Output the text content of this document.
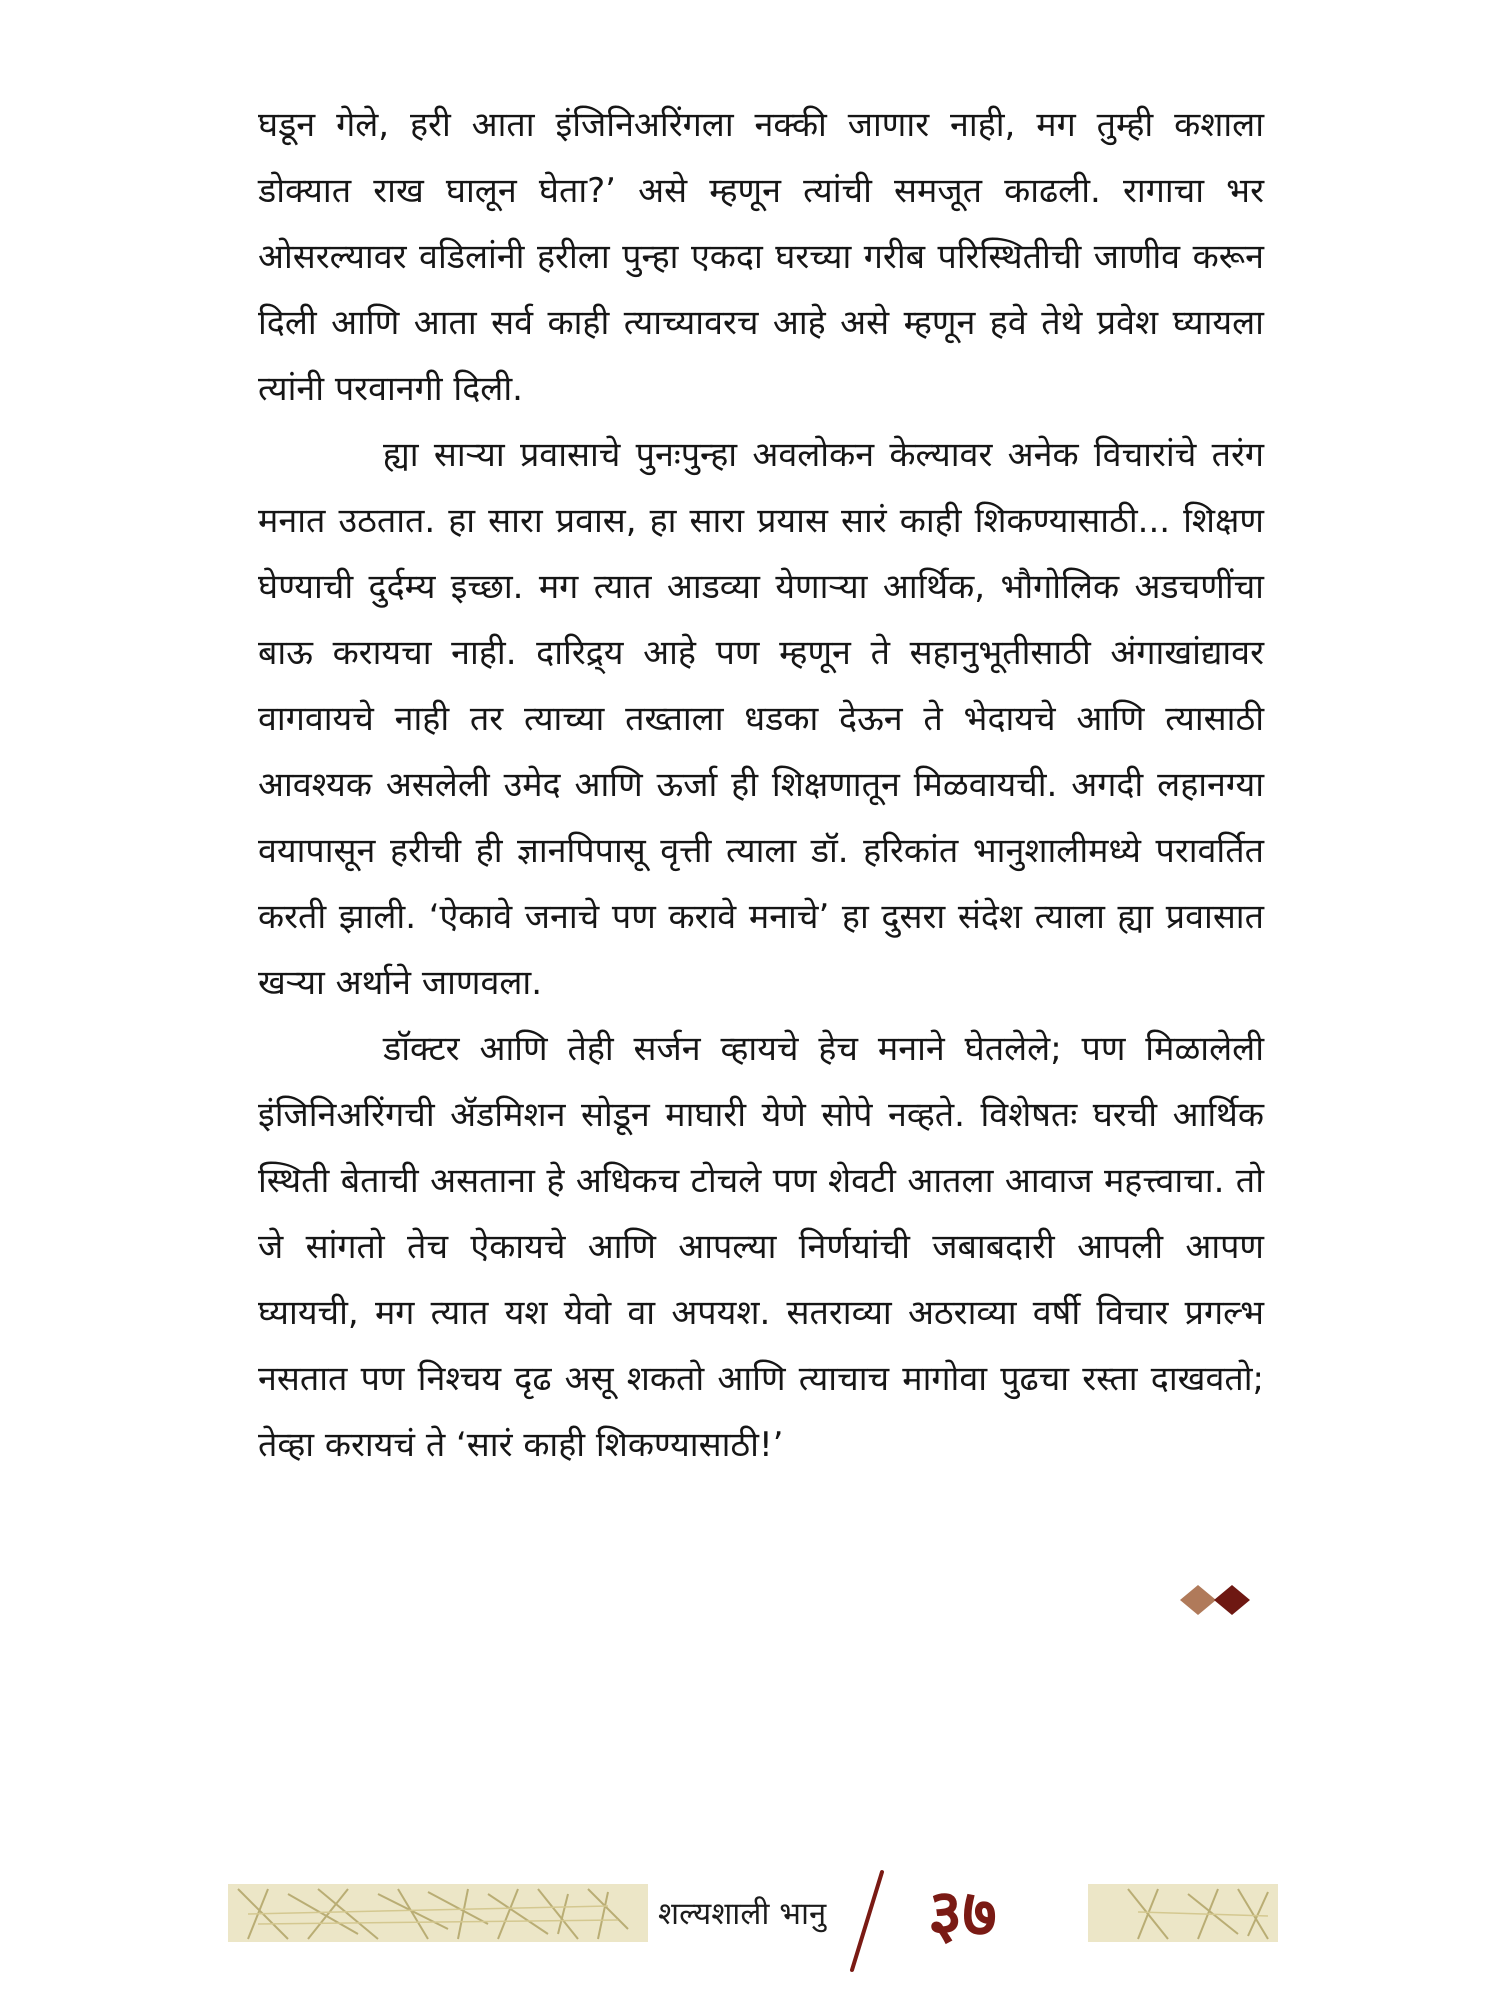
घडून गेले, हरी आता इंजिनिअरिंगला नक्की जाणार नाही, मग तुम्ही कशाला डोक्यात राख घालून घेता?’ असे म्हणून त्यांची समजूत काढली. रागाचा भर ओसरल्यावर वडिलांनी हरीला पुन्हा एकदा घरच्या गरीब परिस्थितीची जाणीव करून दिली आणि आता सर्व काही त्याच्यावरच आहे असे म्हणून हवे तेथे प्रवेश घ्यायला त्यांनी परवानगी दिली.

ह्या साऱ्या प्रवासाचे पुनःपुन्हा अवलोकन केल्यावर अनेक विचारांचे तरंग मनात उठतात. हा सारा प्रवास, हा सारा प्रयास सारं काही शिकण्यासाठी... शिक्षण घेण्याची दुर्दम्य इच्छा. मग त्यात आडव्या येणाऱ्या आर्थिक, भौगोलिक अडचणींचा बाऊ करायचा नाही. दारिद्र्य आहे पण म्हणून ते सहानुभूतीसाठी अंगाखांद्यावर वागवायचे नाही तर त्याच्या तख्ताला धडका देऊन ते भेदायचे आणि त्यासाठी आवश्यक असलेली उमेद आणि ऊर्जा ही शिक्षणातून मिळवायची. अगदी लहानग्या वयापासून हरीची ही ज्ञानपिपासू वृत्ती त्याला डॉ. हरिकांत भानुशालीमध्ये परावर्तित करती झाली. ‘ऐकावे जनाचे पण करावे मनाचे’ हा दुसरा संदेश त्याला ह्या प्रवासात खऱ्या अर्थाने जाणवला.

डॉक्टर आणि तेही सर्जन व्हायचे हेच मनाने घेतलेले; पण मिळालेली इंजिनिअरिंगची ॲडमिशन सोडून माघारी येणे सोपे नव्हते. विशेषतः घरची आर्थिक स्थिती बेताची असताना हे अधिकच टोचले पण शेवटी आतला आवाज महत्त्वाचा. तो जे सांगतो तेच ऐकायचे आणि आपल्या निर्णयांची जबाबदारी आपली आपण घ्यायची, मग त्यात यश येवो वा अपयश. सतराव्या अठराव्या वर्षी विचार प्रगल्भ नसतात पण निश्चय दृढ असू शकतो आणि त्याचाच मागोवा पुढचा रस्ता दाखवतो; तेव्हा करायचं ते ‘सारं काही शिकण्यासाठी!’

शल्यशाली भानु ३७
